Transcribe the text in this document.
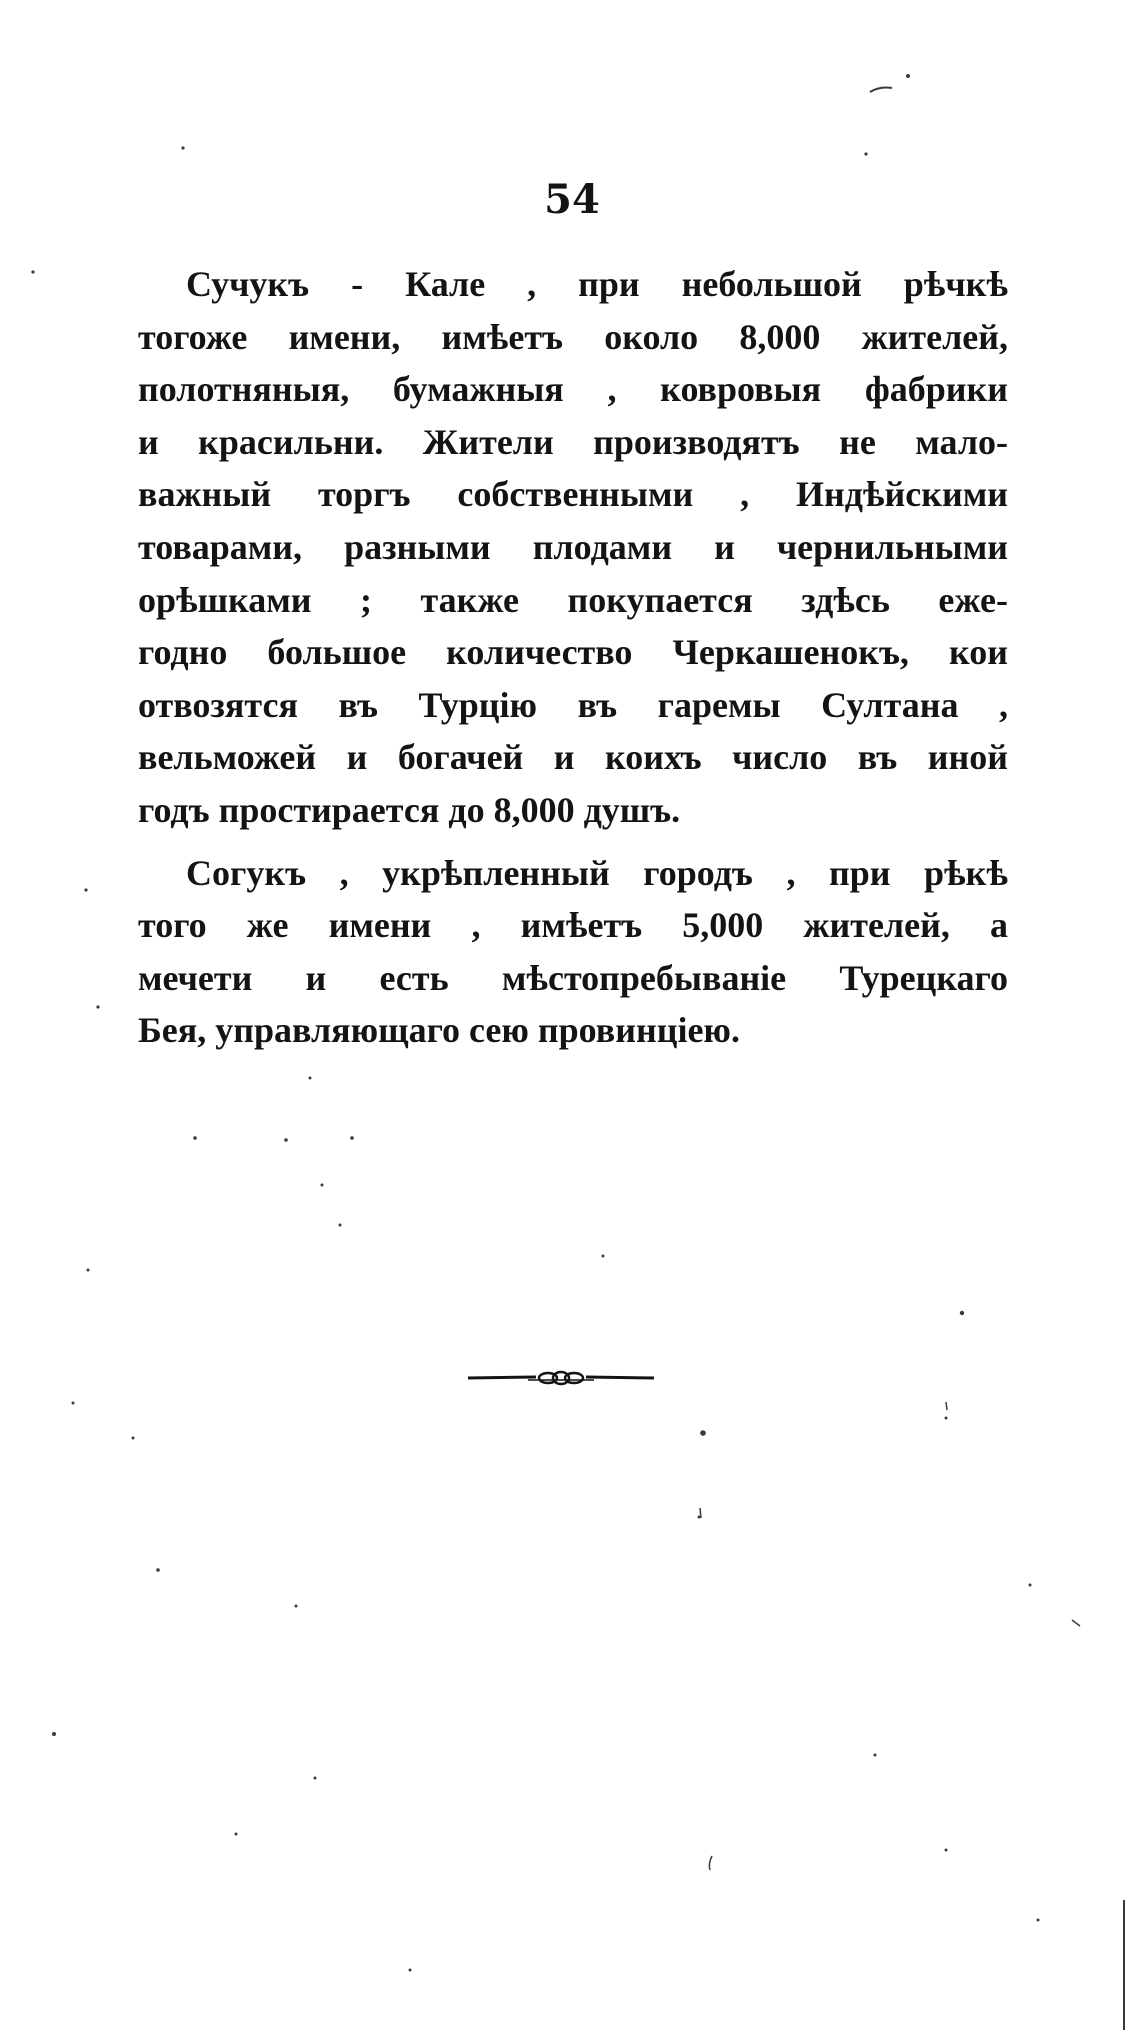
54

Сучукъ - Кале , при небольшой рѣчкѣ
тогоже имени, имѣетъ около 8,000 жителей,
полотняныя, бумажныя , ковровыя фабрики
и красильни. Жители производятъ не мало-
важный торгъ собственными , Индѣйскими
товарами, разными плодами и чернильными
орѣшками ; также покупается здѣсь еже-
годно большое количество Черкашенокъ, кои
отвозятся въ Турцію въ гаремы Султана ,
вельможей и богачей и коихъ число въ иной
годъ простирается до 8,000 душъ.

Согукъ , укрѣпленный городъ , при рѣкѣ
того же имени , имѣетъ 5,000 жителей, а
мечети и есть мѣстопребываніе Турецкаго
Бея, управляющаго сею провинціею.
